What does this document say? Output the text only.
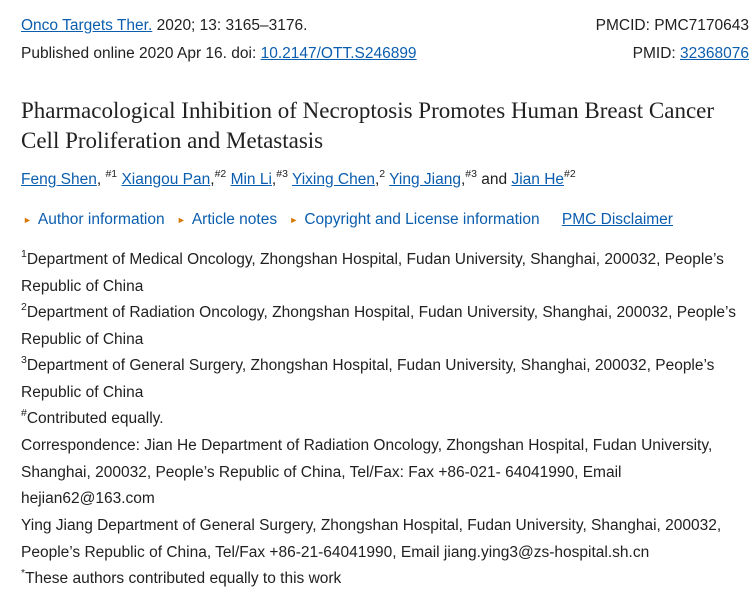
Onco Targets Ther. 2020; 13: 3165–3176.	PMCID: PMC7170643
Published online 2020 Apr 16. doi: 10.2147/OTT.S246899	PMID: 32368076
Pharmacological Inhibition of Necroptosis Promotes Human Breast Cancer Cell Proliferation and Metastasis
Feng Shen, $^{\#1}$ Xiangou Pan,$^{\#2}$ Min Li,$^{\#3}$ Yixing Chen,$^2$ Ying Jiang,$^{\#3}$ and Jian He$^{\#2}$
► Author information ► Article notes ► Copyright and License information PMC Disclaimer
$^1$Department of Medical Oncology, Zhongshan Hospital, Fudan University, Shanghai, 200032, People’s Republic of China
$^2$Department of Radiation Oncology, Zhongshan Hospital, Fudan University, Shanghai, 200032, People’s Republic of China
$^3$Department of General Surgery, Zhongshan Hospital, Fudan University, Shanghai, 200032, People’s Republic of China
#Contributed equally.
Correspondence: Jian He Department of Radiation Oncology, Zhongshan Hospital, Fudan University, Shanghai, 200032, People’s Republic of China, Tel/Fax: Fax +86-021- 64041990, Email hejian62@163.com
Ying Jiang Department of General Surgery, Zhongshan Hospital, Fudan University, Shanghai, 200032, People’s Republic of China, Tel/Fax +86-21-64041990, Email jiang.ying3@zs-hospital.sh.cn
*These authors contributed equally to this work
